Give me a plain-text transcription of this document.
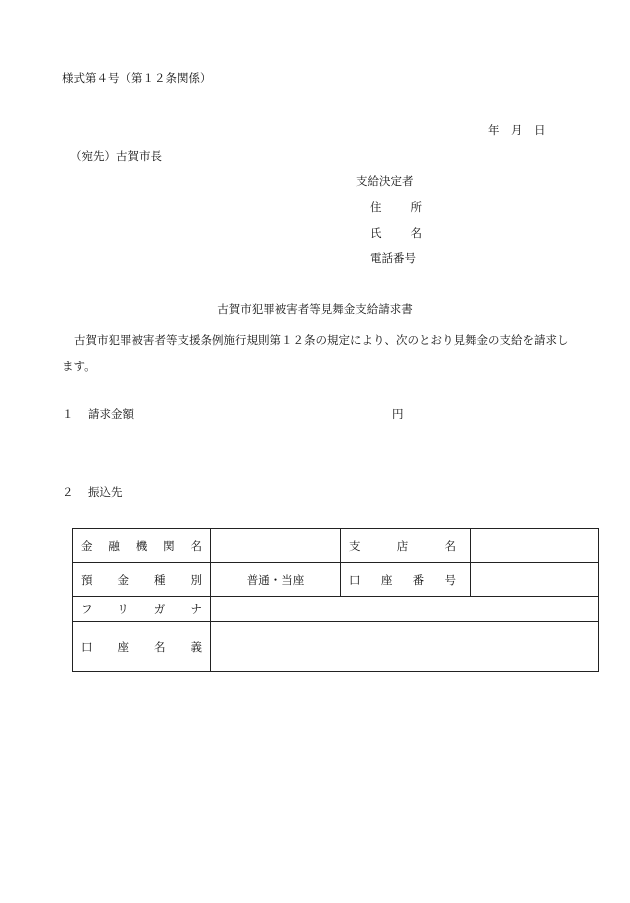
様式第４号（第１２条関係）
年　月　日
（宛先）古賀市長
支給決定者
住所
氏名
電話番号
古賀市犯罪被害者等見舞金支給請求書
古賀市犯罪被害者等支援条例施行規則第１２条の規定により、次のとおり見舞金の支給を請求します。
１ 請求金額	円
２ 振込先
金融機関名		支店名	

預金種別	普通・当座	口座番号	

フリガナ			

口座名義			
